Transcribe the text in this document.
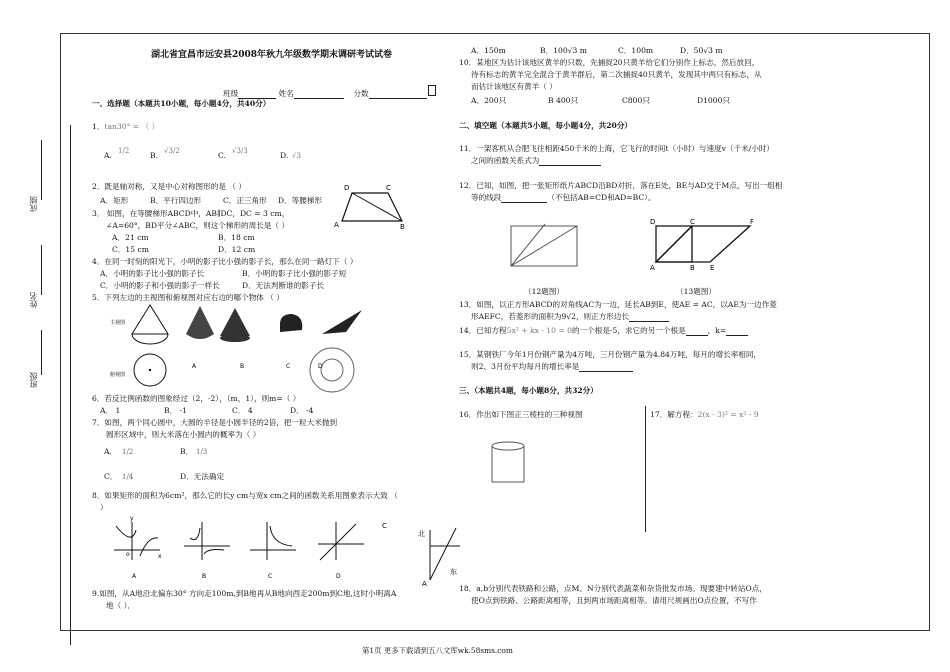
成绩
姓名
班级
湖北省宜昌市远安县2008年秋九年级数学期末调研考试试卷
班级	姓名	分数
一、选择题（本题共10小题，每小题4分，共40分）
1．tan30° = （ ）
A. 1/2	B. √3/2	C. √3/3	D. √3
2．既是轴对称，又是中心对称图形的是 （ ）
A．矩形	B．平行四边形	C．正三角形 D．等腰梯形
3． 如图，在等腰梯形ABCD中，AB∥DC，DC = 3 cm，
∠A=60°，BD平分∠ABC，则这个梯形的周长是（ ）
A．21 cm	B．18 cm
C．15 cm	D．12 cm
D	C
A	B
4．在同一时刻的阳光下，小明的影子比小强的影子长，那么在同一路灯下（ ）
A．小明的影子比小强的影子长	B．小明的影子比小强的影子短
C．小明的影子和小强的影子一样长	D．无法判断谁的影子长
5．下列左边的主视图和俯视图对应右边的哪个物体 （ ）
主视图
俯视图
A	B	C	D
6．若反比例函数的图象经过（2，-2），（m，1），则m=（ ）
A． 1	B． -1	C． 4	D． -4
7．如图，两个同心圆中，大圆的半径是小圆半径的2倍，把一粒大米抛到
圆形区域中，则大米落在小圆内的概率为（ ）
A． 1/2	B． 1/3
C． 1/4	D．无法确定
8．如果矩形的面积为6cm²，那么它的长y cm与宽x cm之间的函数关系用图象表示大致 （
）
y
o	x
A	B	C	D
C
北
东
A
9.如图，从A地沿北偏东30° 方向走100m,到B地再从B地向西走200m到C地,这时小明离A
地（ ）．
A．150m	B．100√3 m	C．100m	D．50√3 m
10．某地区为估计该地区黄羊的只数，先捕捉20只黄羊给它们分别作上标志，然后放回，
待有标志的黄羊完全混合于黄羊群后，第二次捕捉40只黄羊，发现其中两只有标志，从
而估计该地区有黄羊（ ）
A．200只	B 400只	C800只	D1000只
二、填空题（本题共5小题，每小题4分，共20分）
11．一架客机从合肥飞往相距450千米的上海，它飞行的时间t（小时）与速度v（千米/小时）
之间的函数关系式为
12．已知，如图，把一张矩形纸片ABCD沿BD对折，落在E处，BE与AD交于M点，写出一组相
等的线段	（不包括AB=CD和AD=BC）。
D	C	F
A	B E
（12题图）	（13题图）
13．如图，以正方形ABCD的对角线AC为一边，延长AB到E，使AE = AC，以AE为一边作菱
形AEFC，若菱形的面积为9√2，则正方形边长
14．已知方程5x² + kx - 10 = 0的一个根是-5，求它的另一个根是	，k=
15．某钢铁厂今年1月份钢产量为4万吨，三月份钢产量为4.84万吨，每月的增长率相同，
则2、3月份平均每月的增长率是
三、（本题共4题，每小题8分，共32分）
16．作出如下图正三棱柱的三种视图	17．解方程：2(x - 3)² = x² - 9
18．a,b分别代表铁路和公路，点M、N分别代表蔬菜和杂货批发市场。现要建中转站O点，
使O点到铁路、公路距离相等，且到两市场距离相等。请用尺规画出O点位置，不写作
第1页 更多下载请到五八文库wk.58sms.com
